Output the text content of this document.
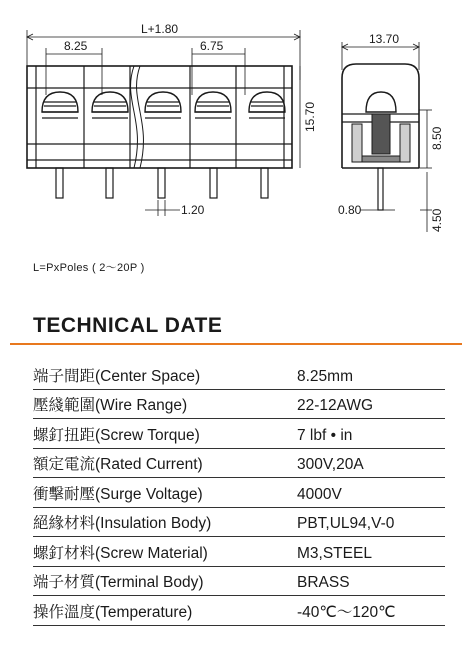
L+1.80
8.25	6.75
15.70
1.20
13.70
8.50
0.80	4.50
L=PxPoles ( 2～20P )
TECHNICAL DATE
端子間距(Center Space)	8.25mm
壓綫範圍(Wire Range)	22-12AWG
螺釘扭距(Screw Torque)	7 lbf • in
額定電流(Rated Current)	300V,20A
衝擊耐壓(Surge Voltage)	4000V
絕緣材料(Insulation Body)	PBT,UL94,V-0
螺釘材料(Screw Material)	M3,STEEL
端子材質(Terminal Body)	BRASS
操作溫度(Temperature)	-40℃～120℃
